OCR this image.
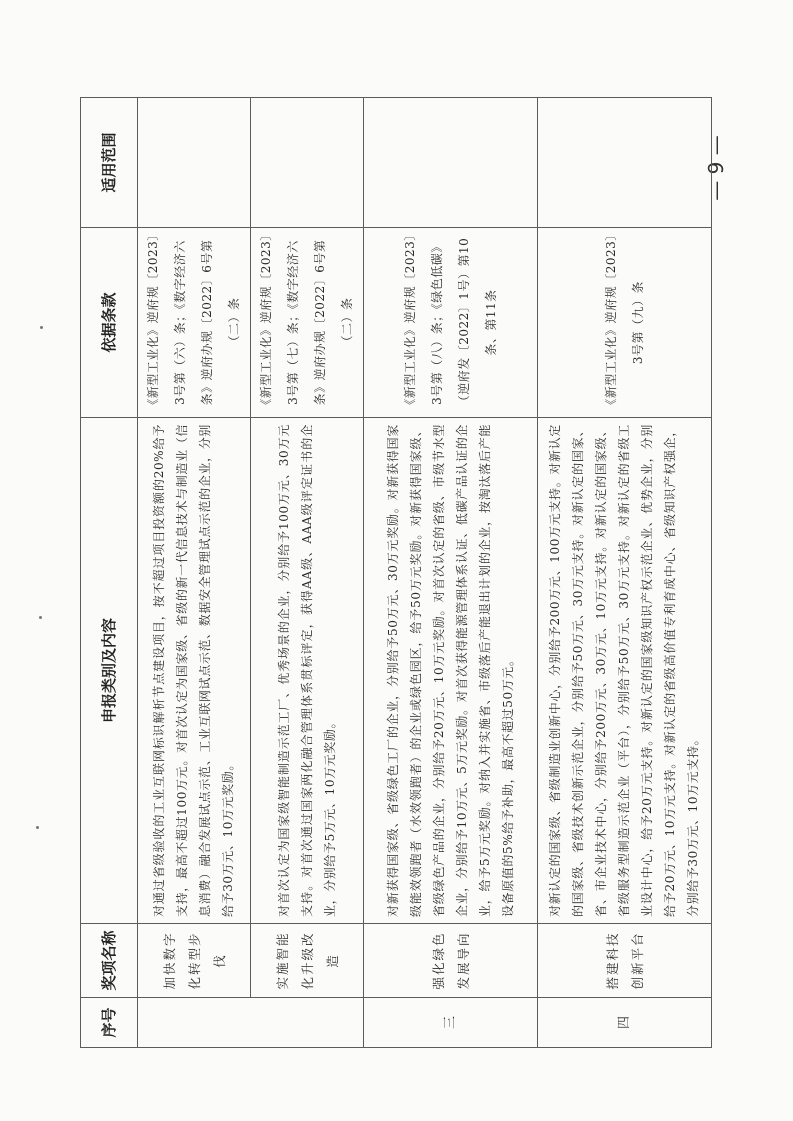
— 9 —
序号	奖项名称	申报类别及内容	依据条款	适用范围
	加快数字化转型步伐	对通过省级验收的工业互联网标识解析节点建设项目，按不超过项目投资额的20%给予支持，最高不超过100万元。对首次认定为国家级、省级的新一代信息技术与制造业（信息消费）融合发展试点示范、工业互联网试点示范、数据安全管理试点示范的企业，分别给予30万元、10万元奖励。	《新型工业化》逆府规〔2023〕3号第（六）条；《数字经济六条》逆府办规〔2022〕6号第（二）条	
	实施智能化升级改造	对首次认定为国家级智能制造示范工厂、优秀场景的企业，分别给予100万元、30万元支持。对首次通过国家两化融合管理体系贯标评定，获得AA级、AAA级评定证书的企业，分别给予5万元、10万元奖励。	《新型工业化》逆府规〔2023〕3号第（七）条；《数字经济六条》逆府办规〔2022〕6号第（二）条	
三	强化绿色发展导向	对新获得国家级、省级绿色工厂的企业，分别给予50万元、30万元奖励。对新获得国家级能效领跑者（水效领跑者）的企业或绿色园区，给予50万元奖励。对新获得国家级、省级绿色产品的企业，分别给予20万元、10万元奖励。对首次认定的省级、市级节水型企业，分别给予10万元、5万元奖励。对首次获得能源管理体系认证、低碳产品认证的企业，给予5万元奖励。对纳入并实施省、市级落后产能退出计划的企业，按淘汰落后产能设备原值的5%给予补助，最高不超过50万元。	《新型工业化》逆府规〔2023〕3号第（八）条；《绿色低碳》（逆府发〔2022〕1号）第10条、第11条	
四	搭建科技创新平台	对新认定的国家级、省级制造业创新中心，分别给予200万元、100万元支持。对新认定的国家级、省级技术创新示范企业，分别给予50万元、30万元支持。对新认定的国家、省、市企业技术中心，分别给予200万元、30万元、10万元支持。对新认定的国家级、省级服务型制造示范企业（平台），分别给予50万元、30万元支持。对新认定的省级工业设计中心，给予20万元支持。对新认定的国家级知识产权示范企业、优势企业，分别给予20万元、10万元支持。对新认定的省级高价值专利育成中心、省级知识产权强企，分别给予30万元、10万元支持。	《新型工业化》逆府规〔2023〕3号第（九）条	
